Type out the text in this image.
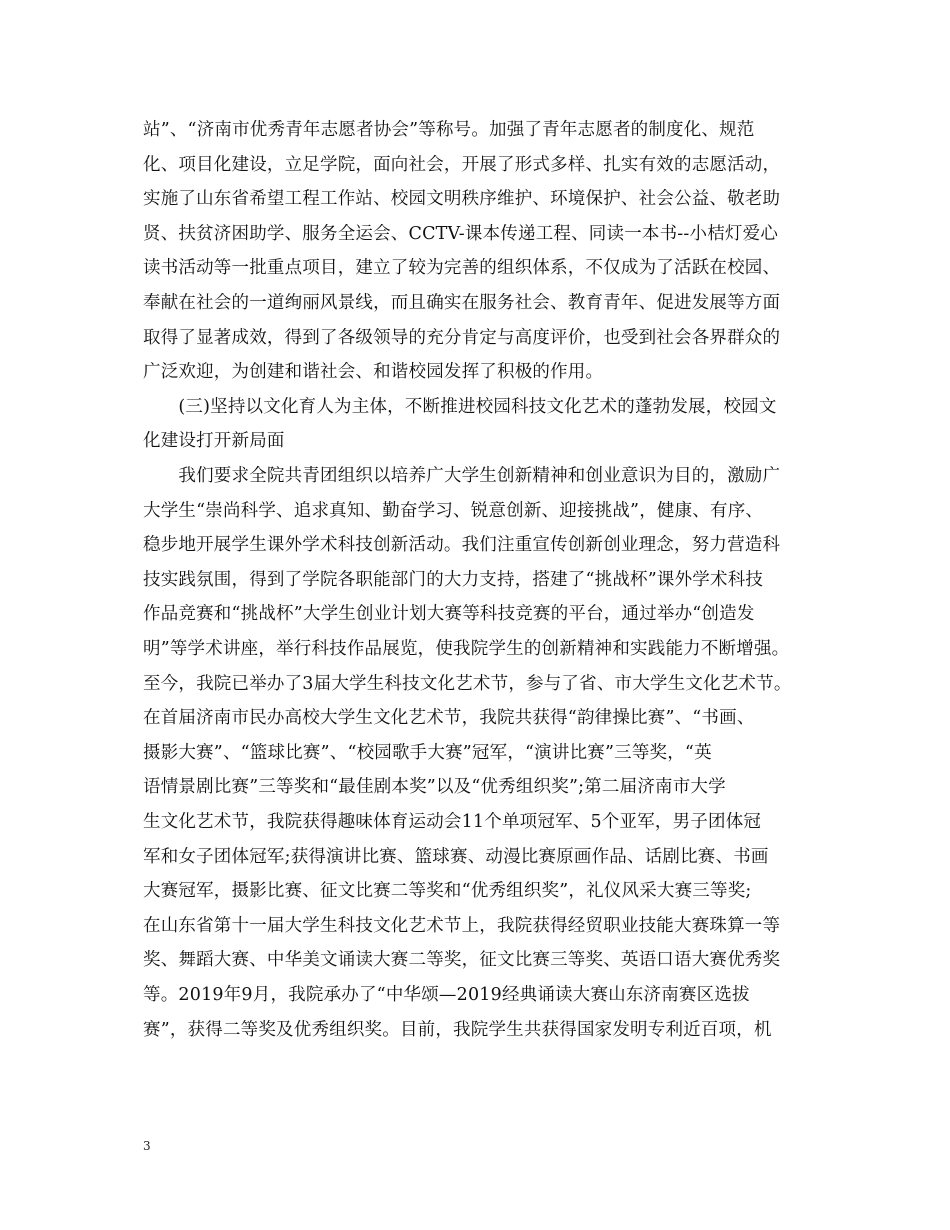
站”、“济南市优秀青年志愿者协会”等称号。加强了青年志愿者的制度化、规范
化、项目化建设，立足学院，面向社会，开展了形式多样、扎实有效的志愿活动，
实施了山东省希望工程工作站、校园文明秩序维护、环境保护、社会公益、敬老助
贤、扶贫济困助学、服务全运会、CCTV-课本传递工程、同读一本书--小桔灯爱心
读书活动等一批重点项目，建立了较为完善的组织体系，不仅成为了活跃在校园、
奉献在社会的一道绚丽风景线，而且确实在服务社会、教育青年、促进发展等方面
取得了显著成效，得到了各级领导的充分肯定与高度评价，也受到社会各界群众的
广泛欢迎，为创建和谐社会、和谐校园发挥了积极的作用。
　　(三)坚持以文化育人为主体，不断推进校园科技文化艺术的蓬勃发展，校园文
化建设打开新局面
　　我们要求全院共青团组织以培养广大学生创新精神和创业意识为目的，激励广
大学生“崇尚科学、追求真知、勤奋学习、锐意创新、迎接挑战”，健康、有序、
稳步地开展学生课外学术科技创新活动。我们注重宣传创新创业理念，努力营造科
技实践氛围，得到了学院各职能部门的大力支持，搭建了“挑战杯”课外学术科技
作品竞赛和“挑战杯”大学生创业计划大赛等科技竞赛的平台，通过举办“创造发
明”等学术讲座，举行科技作品展览，使我院学生的创新精神和实践能力不断增强。
至今，我院已举办了3届大学生科技文化艺术节，参与了省、市大学生文化艺术节。
在首届济南市民办高校大学生文化艺术节，我院共获得“韵律操比赛”、“书画、
摄影大赛”、“篮球比赛”、“校园歌手大赛”冠军，“演讲比赛”三等奖，“英
语情景剧比赛”三等奖和“最佳剧本奖”以及“优秀组织奖”;第二届济南市大学
生文化艺术节，我院获得趣味体育运动会11个单项冠军、5个亚军，男子团体冠
军和女子团体冠军;获得演讲比赛、篮球赛、动漫比赛原画作品、话剧比赛、书画
大赛冠军，摄影比赛、征文比赛二等奖和“优秀组织奖”，礼仪风采大赛三等奖;
在山东省第十一届大学生科技文化艺术节上，我院获得经贸职业技能大赛珠算一等
奖、舞蹈大赛、中华美文诵读大赛二等奖，征文比赛三等奖、英语口语大赛优秀奖
等。2019年9月，我院承办了“中华颂—2019经典诵读大赛山东济南赛区选拔
赛”，获得二等奖及优秀组织奖。目前，我院学生共获得国家发明专利近百项，机
3
